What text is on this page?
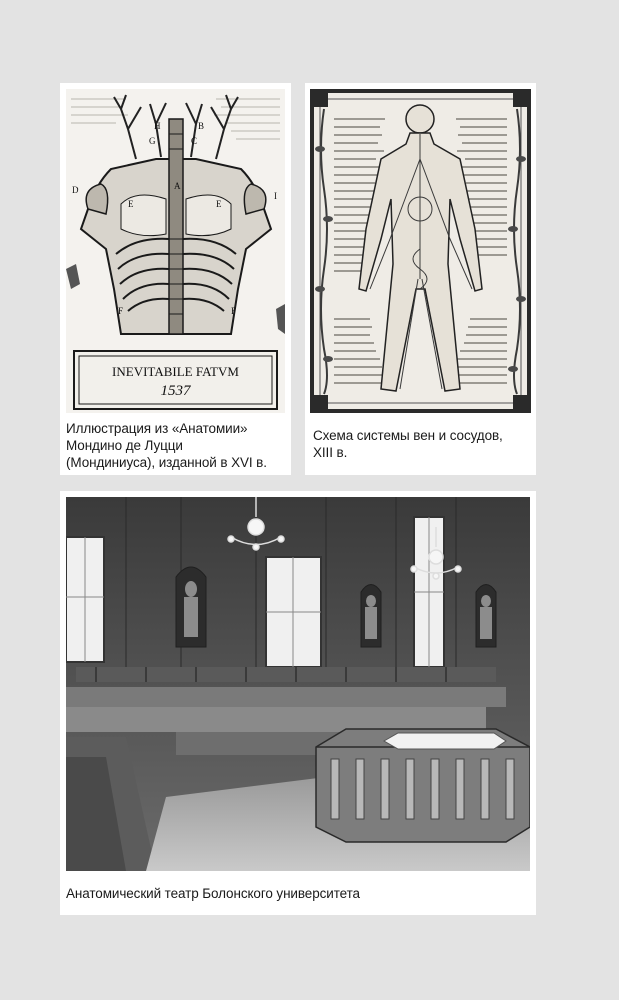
H
G
B
C
A
D
E	E
I
F	F
INEVITABILE FATVM
1537
Иллюстрация из «Анатомии»
Мондино де Луцци
(Мондиниуса), изданной в XVI в.
Схема системы вен и сосудов,
XIII в.
Анатомический театр Болонского университета
